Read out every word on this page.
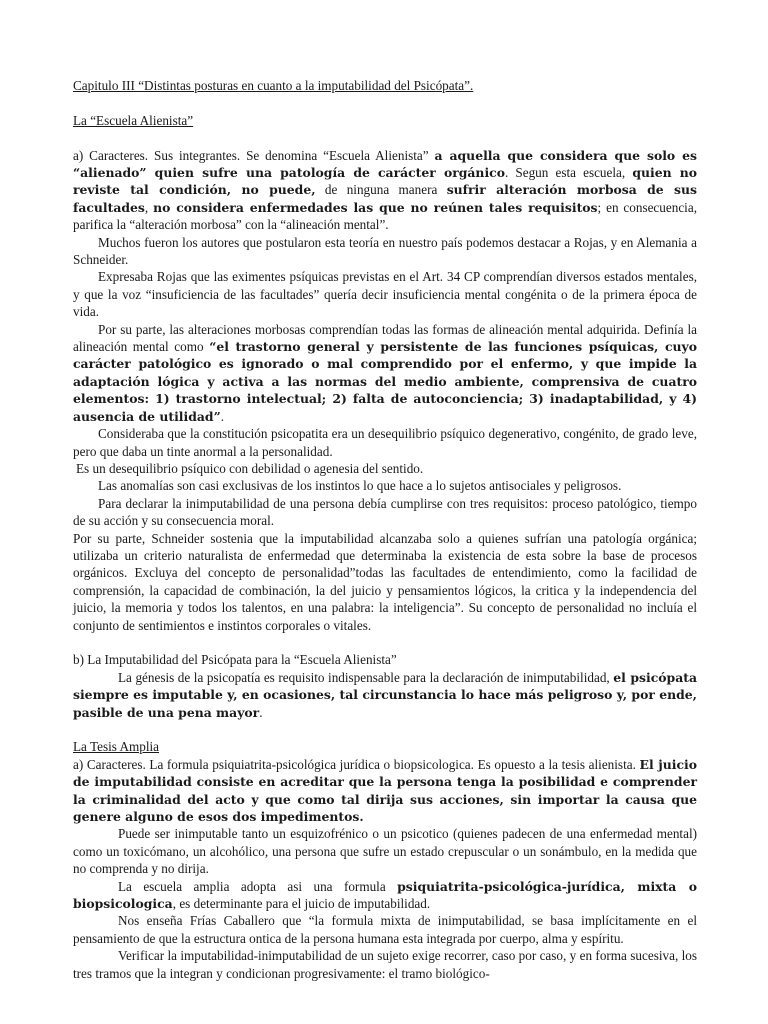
Capitulo III “Distintas posturas en cuanto a la imputabilidad del Psicópata”.

La “Escuela Alienista”

a) Caracteres. Sus integrantes. Se denomina “Escuela Alienista” a aquella que considera que solo es “alienado” quien sufre una patología de carácter orgánico. Segun esta escuela, quien no reviste tal condición, no puede, de ninguna manera sufrir alteración morbosa de sus facultades, no considera enfermedades las que no reúnen tales requisitos; en consecuencia, parifica la “alteración morbosa” con la “alineación mental”.

Muchos fueron los autores que postularon esta teoría en nuestro país podemos destacar a Rojas, y en Alemania a Schneider.

Expresaba Rojas que las eximentes psíquicas previstas en el Art. 34 CP comprendían diversos estados mentales, y que la voz “insuficiencia de las facultades” quería decir insuficiencia mental congénita o de la primera época de vida.

Por su parte, las alteraciones morbosas comprendían todas las formas de alineación mental adquirida. Definía la alineación mental como “el trastorno general y persistente de las funciones psíquicas, cuyo carácter patológico es ignorado o mal comprendido por el enfermo, y que impide la adaptación lógica y activa a las normas del medio ambiente, comprensiva de cuatro elementos: 1) trastorno intelectual; 2) falta de autoconciencia; 3) inadaptabilidad, y 4) ausencia de utilidad”.

Consideraba que la constitución psicopatita era un desequilibrio psíquico degenerativo, congénito, de grado leve, pero que daba un tinte anormal a la personalidad.

Es un desequilibrio psíquico con debilidad o agenesia del sentido.

Las anomalías son casi exclusivas de los instintos lo que hace a lo sujetos antisociales y peligrosos.

Para declarar la inimputabilidad de una persona debía cumplirse con tres requisitos: proceso patológico, tiempo de su acción y su consecuencia moral.

Por su parte, Schneider sostenia que la imputabilidad alcanzaba solo a quienes sufrían una patología orgánica; utilizaba un criterio naturalista de enfermedad que determinaba la existencia de esta sobre la base de procesos orgánicos. Excluya del concepto de personalidad”todas las facultades de entendimiento, como la facilidad de comprensión, la capacidad de combinación, la del juicio y pensamientos lógicos, la critica y la independencia del juicio, la memoria y todos los talentos, en una palabra: la inteligencia”. Su concepto de personalidad no incluía el conjunto de sentimientos e instintos corporales o vitales.

b) La Imputabilidad del Psicópata para la “Escuela Alienista”

La génesis de la psicopatía es requisito indispensable para la declaración de inimputabilidad, el psicópata siempre es imputable y, en ocasiones, tal circunstancia lo hace más peligroso y, por ende, pasible de una pena mayor.

La Tesis Amplia

a) Caracteres. La formula psiquiatrita-psicológica jurídica o biopsicologica. Es opuesto a la tesis alienista. El juicio de imputabilidad consiste en acreditar que la persona tenga la posibilidad e comprender la criminalidad del acto y que como tal dirija sus acciones, sin importar la causa que genere alguno de esos dos impedimentos.

Puede ser inimputable tanto un esquizofrénico o un psicotico (quienes padecen de una enfermedad mental) como un toxicómano, un alcohólico, una persona que sufre un estado crepuscular o un sonámbulo, en la medida que no comprenda y no dirija.

La escuela amplia adopta asi una formula psiquiatrita-psicológica-jurídica, mixta o biopsicologica, es determinante para el juicio de imputabilidad.

Nos enseña Frías Caballero que “la formula mixta de inimputabilidad, se basa implícitamente en el pensamiento de que la estructura ontica de la persona humana esta integrada por cuerpo, alma y espíritu.

Verificar la imputabilidad-inimputabilidad de un sujeto exige recorrer, caso por caso, y en forma sucesiva, los tres tramos que la integran y condicionan progresivamente: el tramo biológico-
